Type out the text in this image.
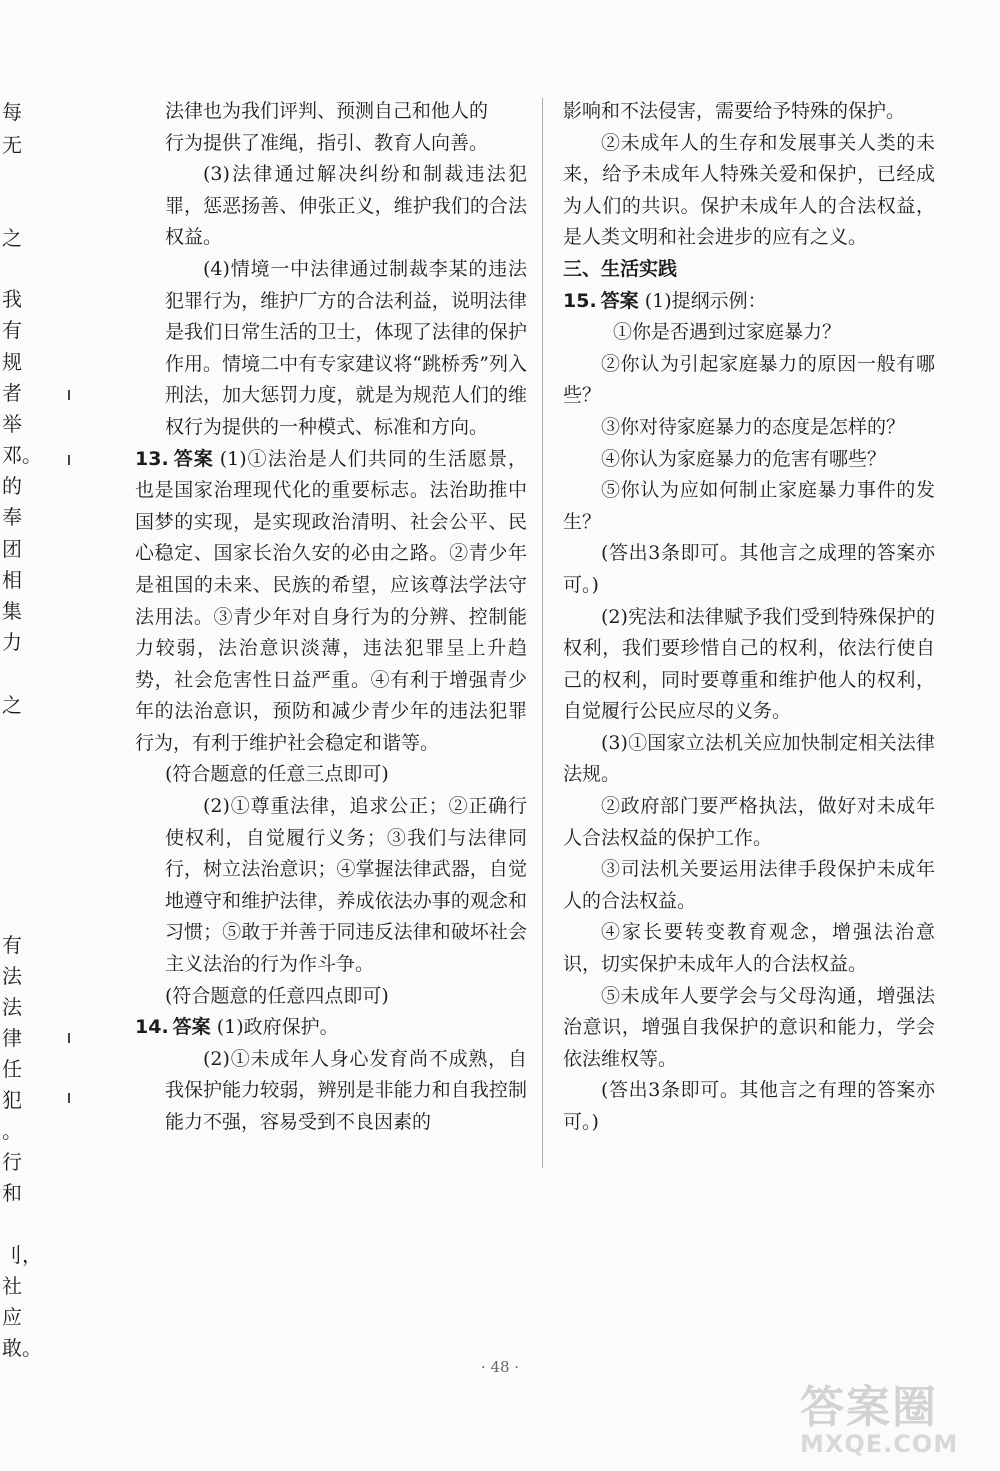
每
无
之
我
有
规
者
举
邓。
的
奉
团
相
集
力
之
有
法
法
律
任
犯
。
行
和
刂，
社
应
敢。

法律也为我们评判、预测自己和他人的

行为提供了准绳，指引、教育人向善。

(3)法律通过解决纠纷和制裁违法犯罪，惩恶扬善、伸张正义，维护我们的合法权益。

(4)情境一中法律通过制裁李某的违法犯罪行为，维护厂方的合法利益，说明法律是我们日常生活的卫士，体现了法律的保护作用。情境二中有专家建议将“跳桥秀”列入刑法，加大惩罚力度，就是为规范人们的维权行为提供的一种模式、标准和方向。

13. 答案 (1)①法治是人们共同的生活愿景，也是国家治理现代化的重要标志。法治助推中国梦的实现，是实现政治清明、社会公平、民心稳定、国家长治久安的必由之路。②青少年是祖国的未来、民族的希望，应该尊法学法守法用法。③青少年对自身行为的分辨、控制能力较弱，法治意识淡薄，违法犯罪呈上升趋势，社会危害性日益严重。④有利于增强青少年的法治意识，预防和减少青少年的违法犯罪行为，有利于维护社会稳定和谐等。

(符合题意的任意三点即可)

(2)①尊重法律，追求公正；②正确行使权利，自觉履行义务；③我们与法律同行，树立法治意识；④掌握法律武器，自觉地遵守和维护法律，养成依法办事的观念和习惯；⑤敢于并善于同违反法律和破坏社会主义法治的行为作斗争。

(符合题意的任意四点即可)

14. 答案 (1)政府保护。

(2)①未成年人身心发育尚不成熟，自我保护能力较弱，辨别是非能力和自我控制能力不强，容易受到不良因素的

影响和不法侵害，需要给予特殊的保护。

②未成年人的生存和发展事关人类的未来，给予未成年人特殊关爱和保护，已经成为人们的共识。保护未成年人的合法权益，是人类文明和社会进步的应有之义。

三、生活实践

15. 答案 (1)提纲示例：

①你是否遇到过家庭暴力？

②你认为引起家庭暴力的原因一般有哪些？

③你对待家庭暴力的态度是怎样的？

④你认为家庭暴力的危害有哪些？

⑤你认为应如何制止家庭暴力事件的发生？

(答出3条即可。其他言之成理的答案亦可。)

(2)宪法和法律赋予我们受到特殊保护的权利，我们要珍惜自己的权利，依法行使自己的权利，同时要尊重和维护他人的权利，自觉履行公民应尽的义务。

(3)①国家立法机关应加快制定相关法律法规。

②政府部门要严格执法，做好对未成年人合法权益的保护工作。

③司法机关要运用法律手段保护未成年人的合法权益。

④家长要转变教育观念，增强法治意识，切实保护未成年人的合法权益。

⑤未成年人要学会与父母沟通，增强法治意识，增强自我保护的意识和能力，学会依法维权等。

(答出3条即可。其他言之有理的答案亦可。)

· 48 ·
答案圈
MXQE.COM
